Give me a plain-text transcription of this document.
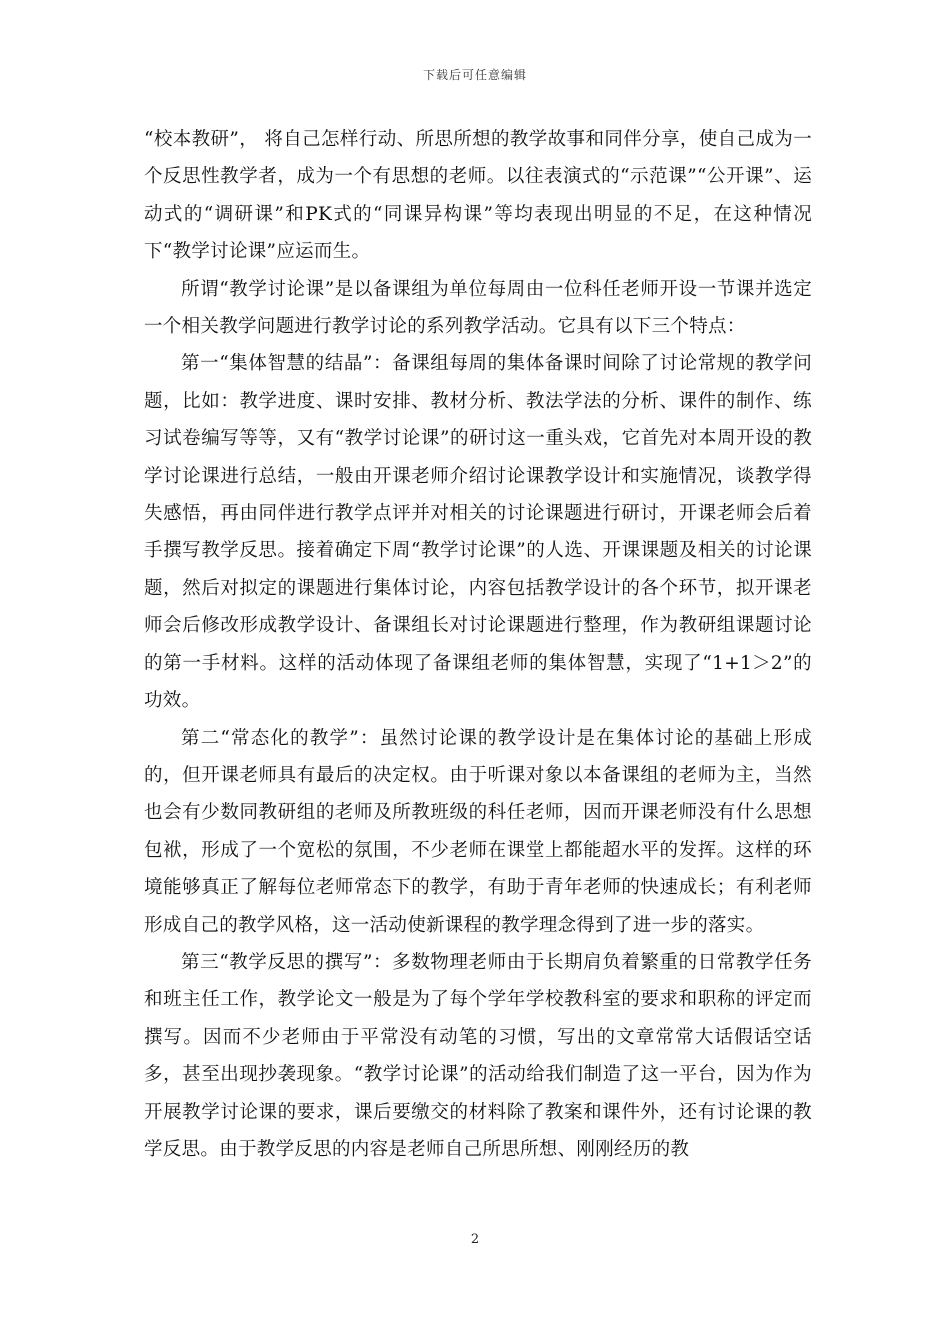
下载后可任意编辑

“校本教研”， 将自己怎样行动、所思所想的教学故事和同伴分享，使自己成为一个反思性教学者，成为一个有思想的老师。以往表演式的“示范课”“公开课”、运动式的“调研课”和PK式的“同课异构课”等均表现出明显的不足，在这种情况下“教学讨论课”应运而生。

所谓“教学讨论课”是以备课组为单位每周由一位科任老师开设一节课并选定一个相关教学问题进行教学讨论的系列教学活动。它具有以下三个特点：

第一“集体智慧的结晶”：备课组每周的集体备课时间除了讨论常规的教学问题，比如：教学进度、课时安排、教材分析、教法学法的分析、课件的制作、练习试卷编写等等，又有“教学讨论课”的研讨这一重头戏，它首先对本周开设的教学讨论课进行总结，一般由开课老师介绍讨论课教学设计和实施情况，谈教学得失感悟，再由同伴进行教学点评并对相关的讨论课题进行研讨，开课老师会后着手撰写教学反思。接着确定下周“教学讨论课”的人选、开课课题及相关的讨论课题，然后对拟定的课题进行集体讨论，内容包括教学设计的各个环节，拟开课老师会后修改形成教学设计、备课组长对讨论课题进行整理，作为教研组课题讨论的第一手材料。这样的活动体现了备课组老师的集体智慧，实现了“1+1＞2”的功效。

第二“常态化的教学”：虽然讨论课的教学设计是在集体讨论的基础上形成的，但开课老师具有最后的决定权。由于听课对象以本备课组的老师为主，当然也会有少数同教研组的老师及所教班级的科任老师，因而开课老师没有什么思想包袱，形成了一个宽松的氛围，不少老师在课堂上都能超水平的发挥。这样的环境能够真正了解每位老师常态下的教学，有助于青年老师的快速成长；有利老师形成自己的教学风格，这一活动使新课程的教学理念得到了进一步的落实。

第三“教学反思的撰写”：多数物理老师由于长期肩负着繁重的日常教学任务和班主任工作，教学论文一般是为了每个学年学校教科室的要求和职称的评定而撰写。因而不少老师由于平常没有动笔的习惯，写出的文章常常大话假话空话多，甚至出现抄袭现象。“教学讨论课”的活动给我们制造了这一平台，因为作为开展教学讨论课的要求，课后要缴交的材料除了教案和课件外，还有讨论课的教学反思。由于教学反思的内容是老师自己所思所想、刚刚经历的教

2
